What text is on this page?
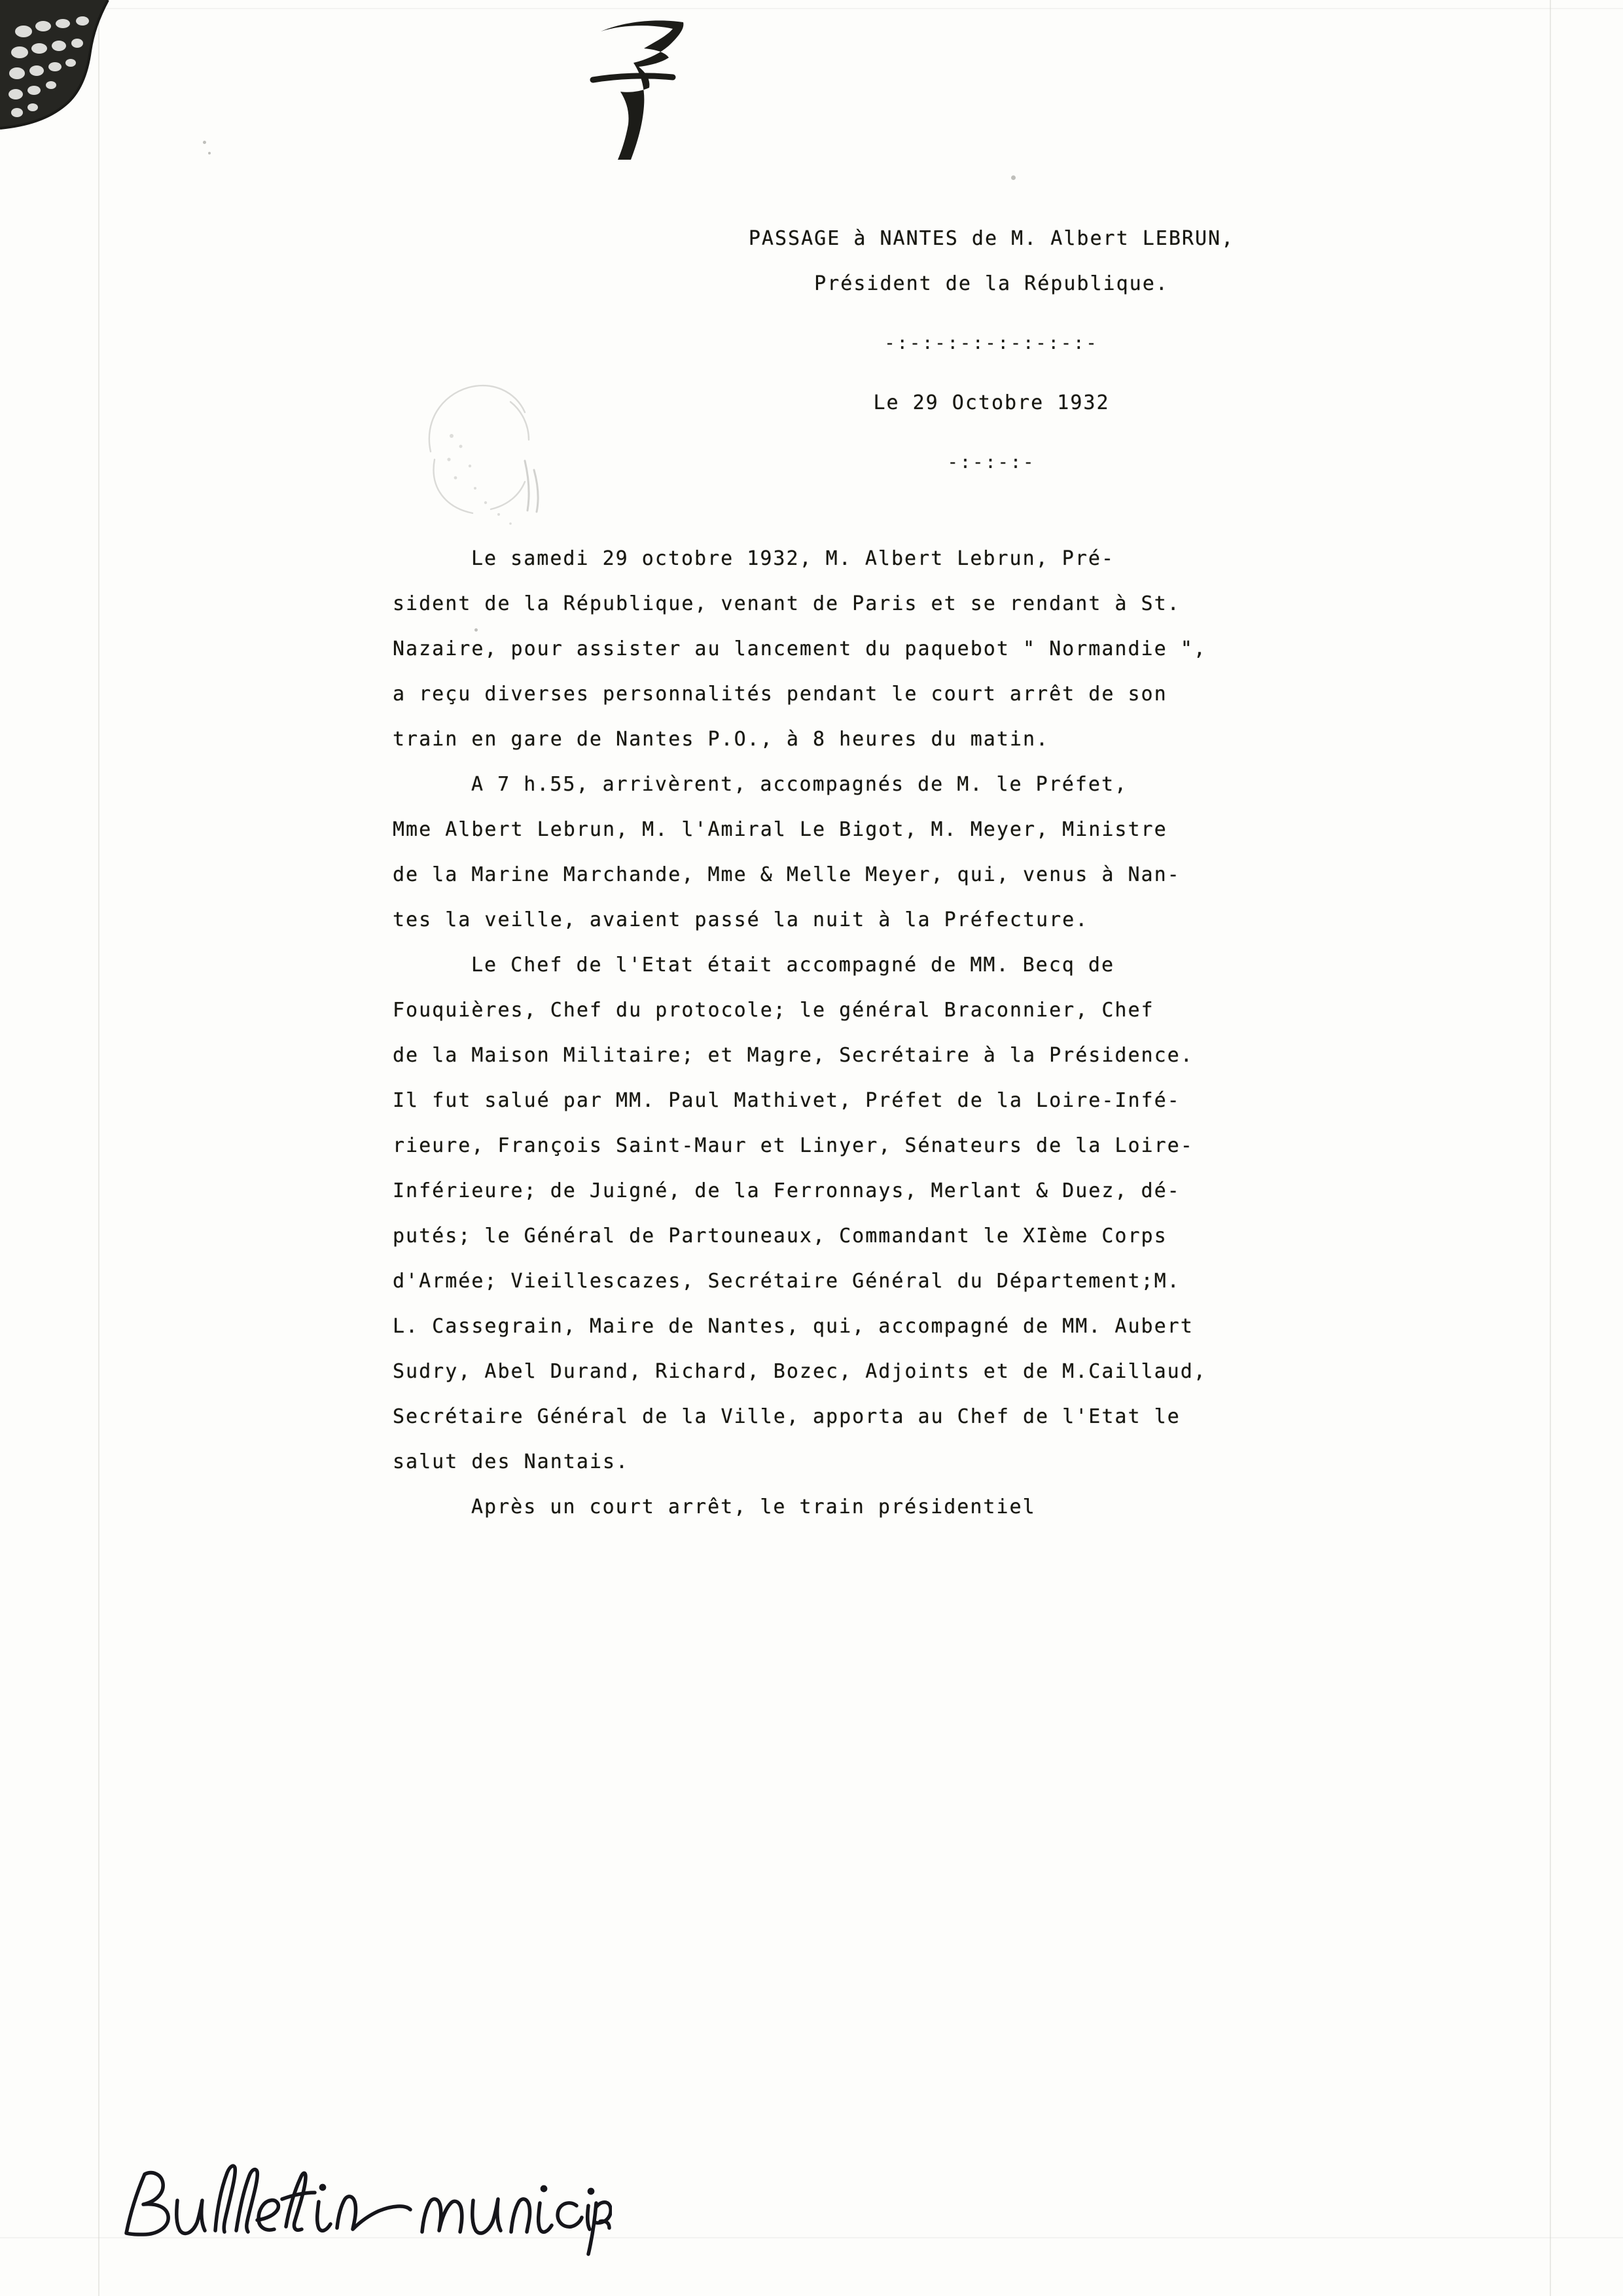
PASSAGE à NANTES de M. Albert LEBRUN,
Président de la République.
-:-:-:-:-:-:-:-:-
Le 29 Octobre 1932
-:-:-:-
Le samedi 29 octobre 1932, M. Albert Lebrun, Pré-
sident de la République, venant de Paris et se rendant à St.
Nazaire, pour assister au lancement du paquebot " Normandie ",
a reçu diverses personnalités pendant le court arrêt de son
train en gare de Nantes P.O., à 8 heures du matin.
A 7 h.55, arrivèrent, accompagnés de M. le Préfet,
Mme Albert Lebrun, M. l'Amiral Le Bigot, M. Meyer, Ministre
de la Marine Marchande, Mme & Melle Meyer, qui, venus à Nan-
tes la veille, avaient passé la nuit à la Préfecture.
Le Chef de l'Etat était accompagné de MM. Becq de
Fouquières, Chef du protocole; le général Braconnier, Chef
de la Maison Militaire; et Magre, Secrétaire à la Présidence.
Il fut salué par MM. Paul Mathivet, Préfet de la Loire-Infé-
rieure, François Saint-Maur et Linyer, Sénateurs de la Loire-
Inférieure; de Juigné, de la Ferronnays, Merlant & Duez, dé-
putés; le Général de Partouneaux, Commandant le XIème Corps
d'Armée; Vieillescazes, Secrétaire Général du Département;M.
L. Cassegrain, Maire de Nantes, qui, accompagné de MM. Aubert
Sudry, Abel Durand, Richard, Bozec, Adjoints et de M.Caillaud,
Secrétaire Général de la Ville, apporta au Chef de l'Etat le
salut des Nantais.
Après un court arrêt, le train présidentiel
